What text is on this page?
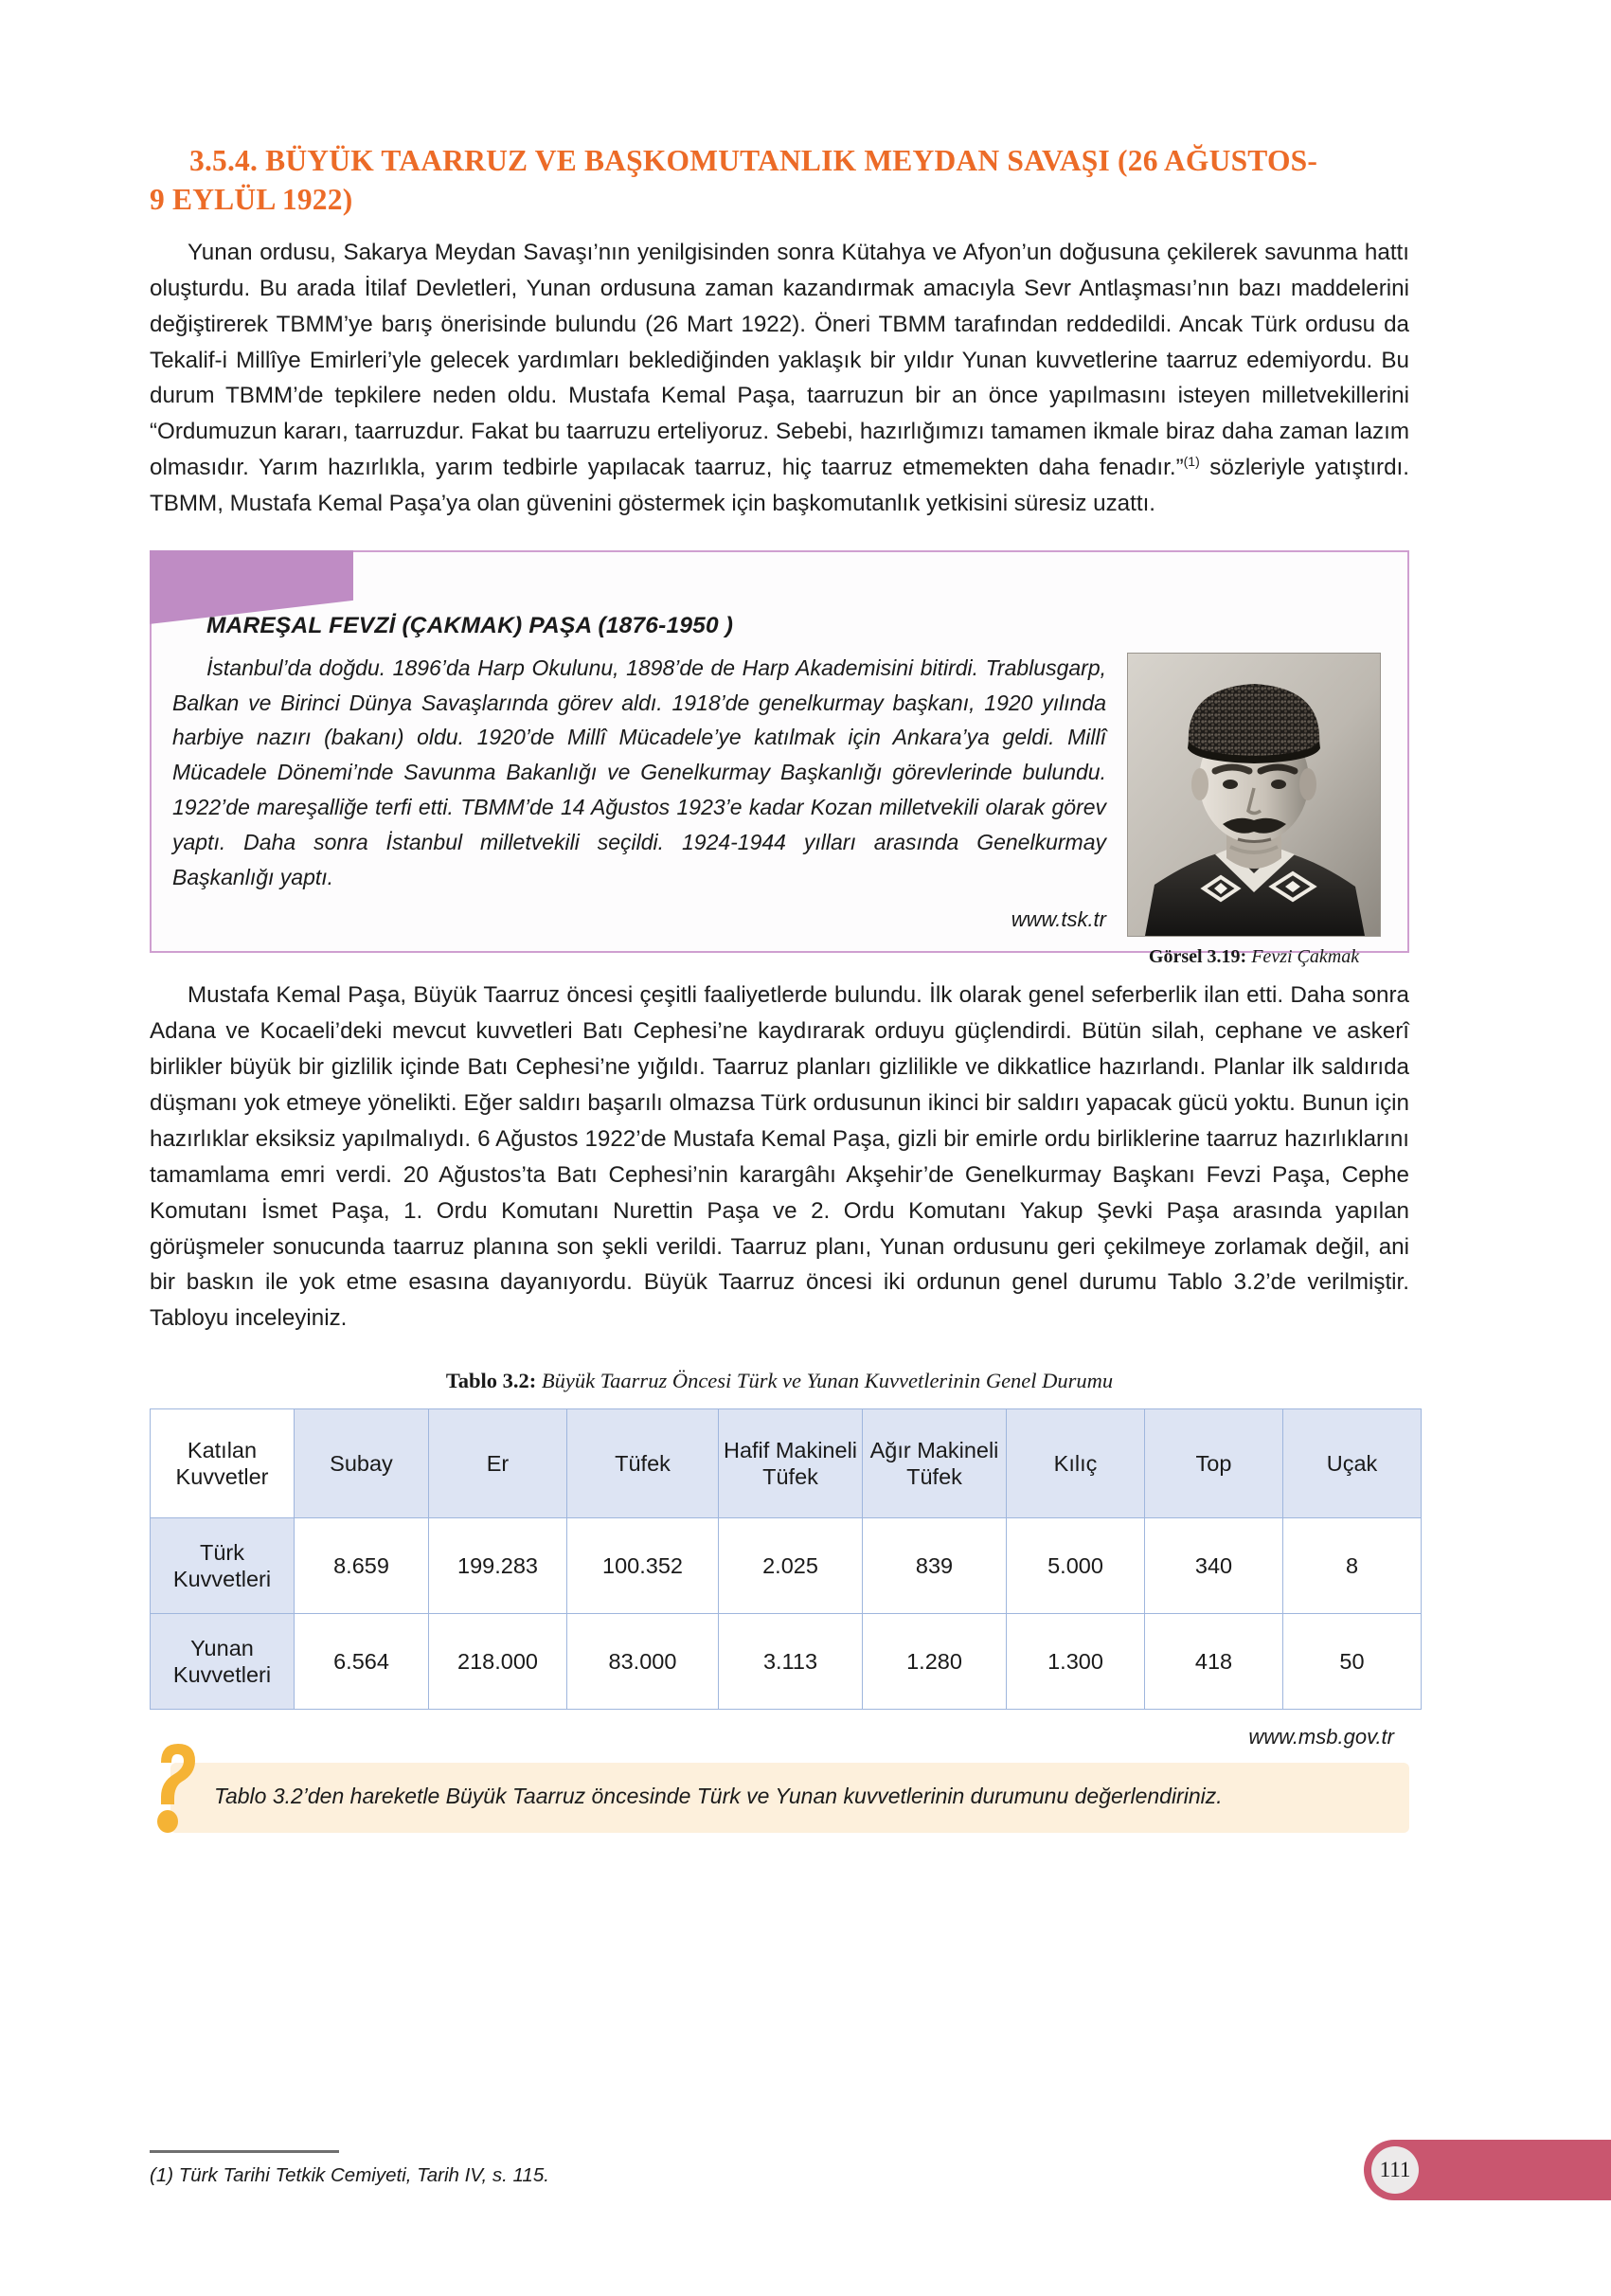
3.5.4. BÜYÜK TAARRUZ VE BAŞKOMUTANLIK MEYDAN SAVAŞI (26 AĞUSTOS-
9 EYLÜL 1922)

Yunan ordusu, Sakarya Meydan Savaşı’nın yenilgisinden sonra Kütahya ve Afyon’un doğusuna çekilerek savunma hattı oluşturdu. Bu arada İtilaf Devletleri, Yunan ordusuna zaman kazandırmak amacıyla Sevr Antlaşması’nın bazı maddelerini değiştirerek TBMM’ye barış önerisinde bulundu (26 Mart 1922). Öneri TBMM tarafından reddedildi. Ancak Türk ordusu da Tekalif-i Millîye Emirleri’yle gelecek yardımları beklediğinden yaklaşık bir yıldır Yunan kuvvetlerine taarruz edemiyordu. Bu durum TBMM’de tepkilere neden oldu. Mustafa Kemal Paşa, taarruzun bir an önce yapılmasını isteyen milletvekillerini “Ordumuzun kararı, taarruzdur. Fakat bu taarruzu erteliyoruz. Sebebi, hazırlığımızı tamamen ikmale biraz daha zaman lazım olmasıdır. Yarım hazırlıkla, yarım tedbirle yapılacak taarruz, hiç taarruz etmemekten daha fenadır.”$^{(1)}$ sözleriyle yatıştırdı. TBMM, Mustafa Kemal Paşa’ya olan güvenini göstermek için başkomutanlık yetkisini süresiz uzattı.

MAREŞAL FEVZİ (ÇAKMAK) PAŞA (1876-1950 )
Görsel 3.19: Fevzi Çakmak

İstanbul’da doğdu. 1896’da Harp Okulunu, 1898’de de Harp Akademisini bitirdi. Trablusgarp, Balkan ve Birinci Dünya Savaşlarında görev aldı. 1918’de genelkurmay başkanı, 1920 yılında harbiye nazırı (bakanı) oldu. 1920’de Millî Mücadele’ye katılmak için Ankara’ya geldi. Millî Mücadele Dönemi’nde Savunma Bakanlığı ve Genelkurmay Başkanlığı görevlerinde bulundu. 1922’de mareşalliğe terfi etti. TBMM’de 14 Ağustos 1923’e kadar Kozan milletvekili olarak görev yaptı. Daha sonra İstanbul milletvekili seçildi. 1924-1944 yılları arasında Genelkurmay Başkanlığı yaptı.

www.tsk.tr

Mustafa Kemal Paşa, Büyük Taarruz öncesi çeşitli faaliyetlerde bulundu. İlk olarak genel seferberlik ilan etti. Daha sonra Adana ve Kocaeli’deki mevcut kuvvetleri Batı Cephesi’ne kaydırarak orduyu güçlendirdi. Bütün silah, cephane ve askerî birlikler büyük bir gizlilik içinde Batı Cephesi’ne yığıldı. Taarruz planları gizlilikle ve dikkatlice hazırlandı. Planlar ilk saldırıda düşmanı yok etmeye yönelikti. Eğer saldırı başarılı olmazsa Türk ordusunun ikinci bir saldırı yapacak gücü yoktu. Bunun için hazırlıklar eksiksiz yapılmalıydı. 6 Ağustos 1922’de Mustafa Kemal Paşa, gizli bir emirle ordu birliklerine taarruz hazırlıklarını tamamlama emri verdi. 20 Ağustos’ta Batı Cephesi’nin karargâhı Akşehir’de Genelkurmay Başkanı Fevzi Paşa, Cephe Komutanı İsmet Paşa, 1. Ordu Komutanı Nurettin Paşa ve 2. Ordu Komutanı Yakup Şevki Paşa arasında yapılan görüşmeler sonucunda taarruz planına son şekli verildi. Taarruz planı, Yunan ordusunu geri çekilmeye zorlamak değil, ani bir baskın ile yok etme esasına dayanıyordu. Büyük Taarruz öncesi iki ordunun genel durumu Tablo 3.2’de verilmiştir. Tabloyu inceleyiniz.

Tablo 3.2: Büyük Taarruz Öncesi Türk ve Yunan Kuvvetlerinin Genel Durumu
Katılan Kuvvetler	Subay	Er	Tüfek	Hafif Makineli Tüfek	Ağır Makineli Tüfek	Kılıç	Top	Uçak
Türk Kuvvetleri	8.659	199.283	100.352	2.025	839	5.000	340	8
Yunan Kuvvetleri	6.564	218.000	83.000	3.113	1.280	1.300	418	50
www.msb.gov.tr
Tablo 3.2’den hareketle Büyük Taarruz öncesinde Türk ve Yunan kuvvetlerinin durumunu değerlendiriniz.
(1) Türk Tarihi Tetkik Cemiyeti, Tarih IV, s. 115.	111
